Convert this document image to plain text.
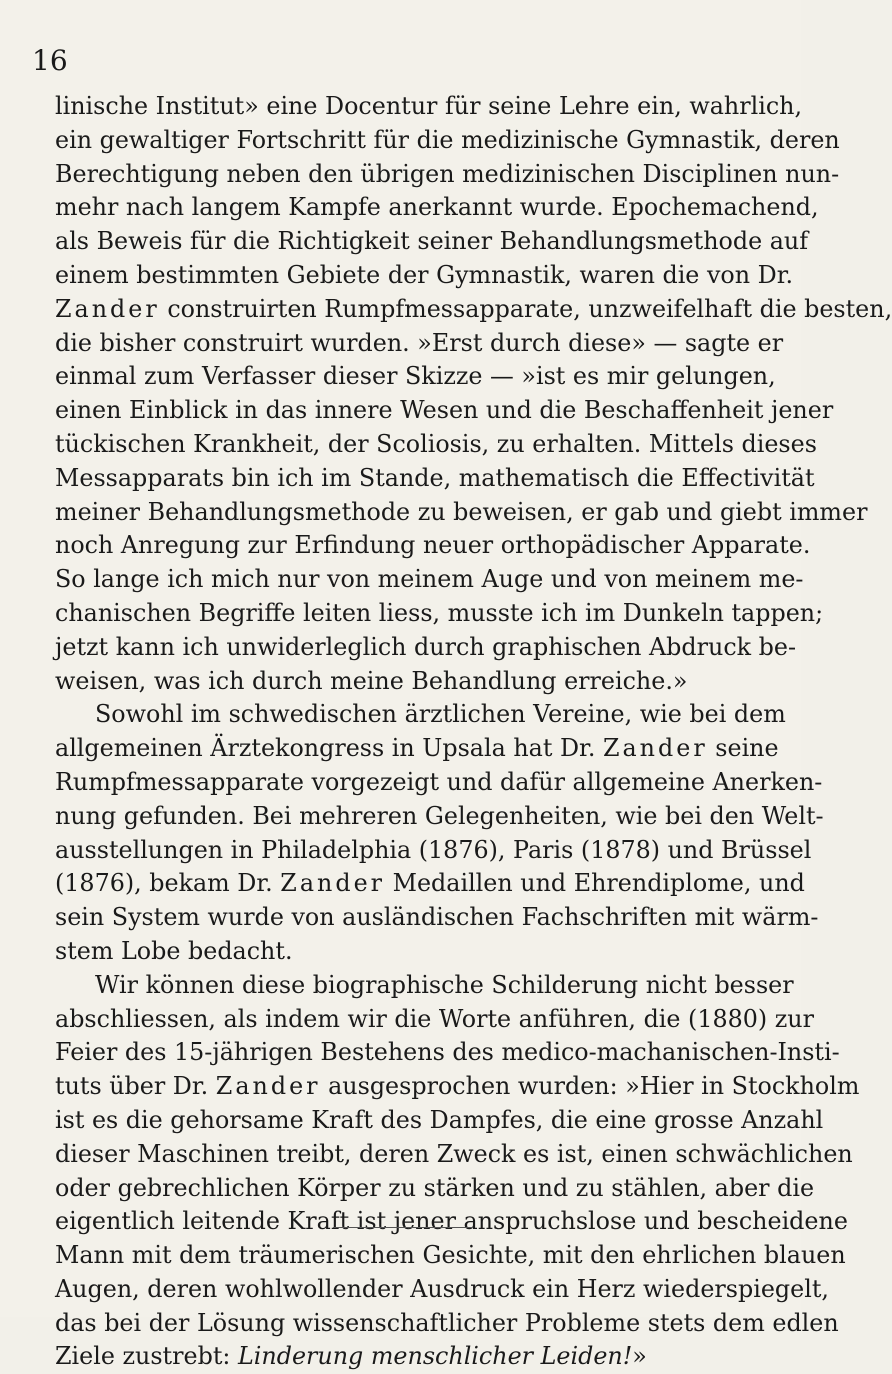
16
linische Institut» eine Docentur für seine Lehre ein, wahrlich,
ein gewaltiger Fortschritt für die medizinische Gymnastik, deren
Berechtigung neben den übrigen medizinischen Disciplinen nun-
mehr nach langem Kampfe anerkannt wurde. Epochemachend,
als Beweis für die Richtigkeit seiner Behandlungsmethode auf
einem bestimmten Gebiete der Gymnastik, waren die von Dr.
Zander construirten Rumpfmessapparate, unzweifelhaft die besten,
die bisher construirt wurden. »Erst durch diese» — sagte er
einmal zum Verfasser dieser Skizze — »ist es mir gelungen,
einen Einblick in das innere Wesen und die Beschaffenheit jener
tückischen Krankheit, der Scoliosis, zu erhalten. Mittels dieses
Messapparats bin ich im Stande, mathematisch die Effectivität
meiner Behandlungsmethode zu beweisen, er gab und giebt immer
noch Anregung zur Erfindung neuer orthopädischer Apparate.
So lange ich mich nur von meinem Auge und von meinem me-
chanischen Begriffe leiten liess, musste ich im Dunkeln tappen;
jetzt kann ich unwiderleglich durch graphischen Abdruck be-
weisen, was ich durch meine Behandlung erreiche.»
Sowohl im schwedischen ärztlichen Vereine, wie bei dem
allgemeinen Ärztekongress in Upsala hat Dr. Zander seine
Rumpfmessapparate vorgezeigt und dafür allgemeine Anerken-
nung gefunden. Bei mehreren Gelegenheiten, wie bei den Welt-
ausstellungen in Philadelphia (1876), Paris (1878) und Brüssel
(1876), bekam Dr. Zander Medaillen und Ehrendiplome, und
sein System wurde von ausländischen Fachschriften mit wärm-
stem Lobe bedacht.
Wir können diese biographische Schilderung nicht besser
abschliessen, als indem wir die Worte anführen, die (1880) zur
Feier des 15-jährigen Bestehens des medico-machanischen-Insti-
tuts über Dr. Zander ausgesprochen wurden: »Hier in Stockholm
ist es die gehorsame Kraft des Dampfes, die eine grosse Anzahl
dieser Maschinen treibt, deren Zweck es ist, einen schwächlichen
oder gebrechlichen Körper zu stärken und zu stählen, aber die
eigentlich leitende Kraft ist jener anspruchslose und bescheidene
Mann mit dem träumerischen Gesichte, mit den ehrlichen blauen
Augen, deren wohlwollender Ausdruck ein Herz wiederspiegelt,
das bei der Lösung wissenschaftlicher Probleme stets dem edlen
Ziele zustrebt: Linderung menschlicher Leiden!»
